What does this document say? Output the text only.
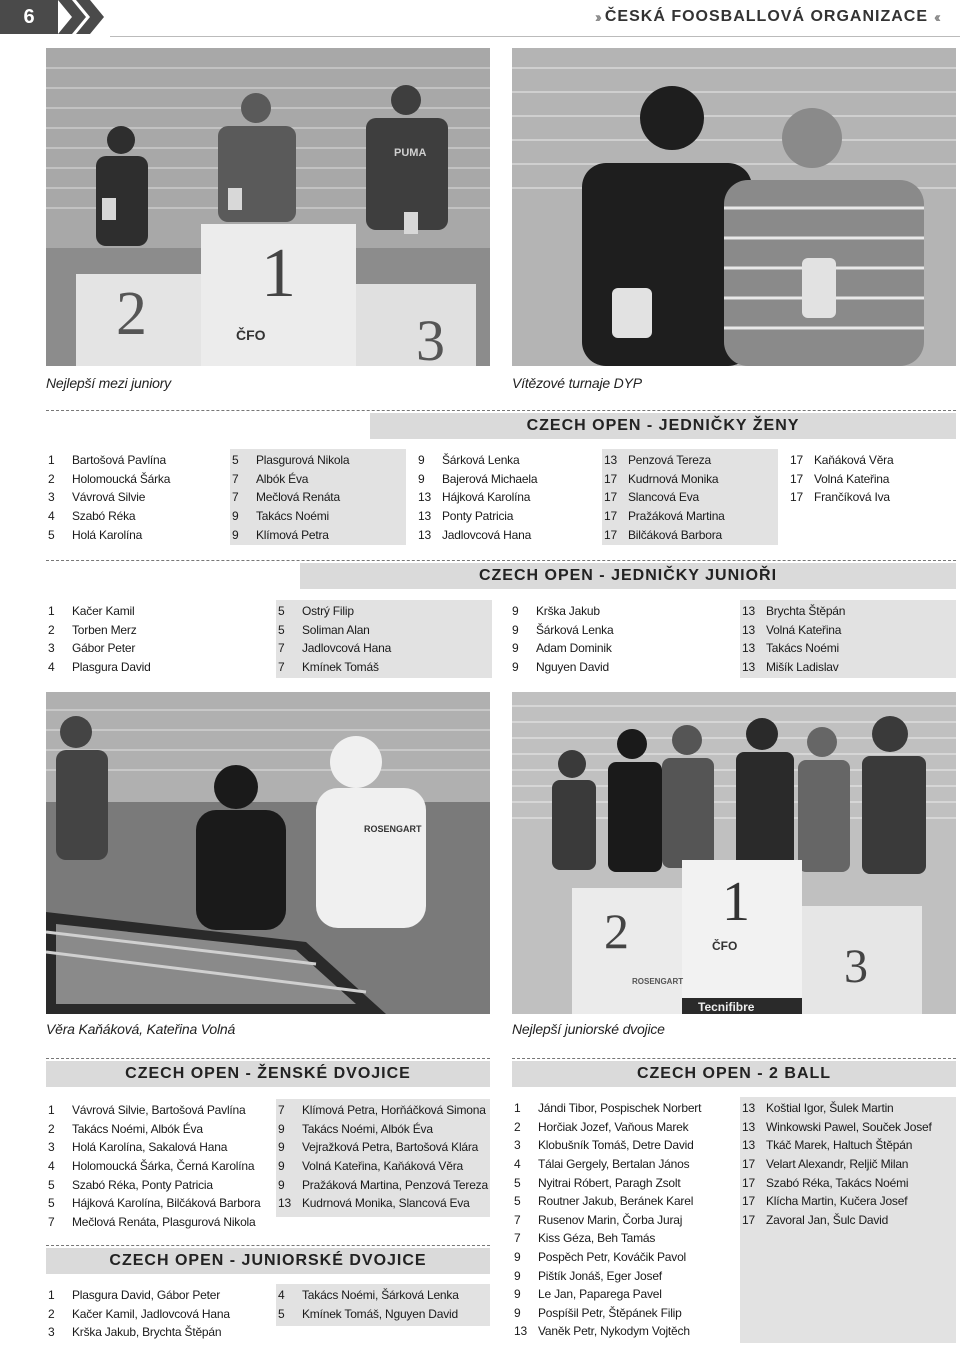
6	›› ČESKÁ FOOSBALLOVÁ ORGANIZACE ‹‹
1
2	3
ČFO
PUMA
Nejlepší mezi juniory	Vítězové turnaje DYP
CZECH OPEN - JEDNIČKY ŽENY
1	Bartošová Pavlína
2	Holomoucká Šárka
3	Vávrová Silvie
4	Szabó Réka
5	Holá Karolína
5	Plasgurová Nikola
7	Albók Éva
7	Mečlová Renáta
9	Takács Noémi
9	Klímová Petra
9	Šárková Lenka
9	Bajerová Michaela
13 Hájková Karolína
13 Ponty Patricia
13 Jadlovcová Hana
13 Penzová Tereza
17 Kudrnová Monika
17 Slancová Eva
17 Pražáková Martina
17 Bilčáková Barbora
17 Kaňáková Věra
17 Volná Kateřina
17 Frančíková Iva
CZECH OPEN - JEDNIČKY JUNIOŘI
1	Kačer Kamil
2	Torben Merz
3	Gábor Peter
4	Plasgura David
5	Ostrý Filip
5	Soliman Alan
7	Jadlovcová Hana
7	Kmínek Tomáš
9	Krška Jakub
9	Šárková Lenka
9	Adam Dominik
9	Nguyen David
13 Brychta Štěpán
13 Volná Kateřina
13 Takács Noémi
13 Mišík Ladislav
ROSENGART
1
2
3
ČFO
ROSENGART
Tecnifibre
Věra Kaňáková, Kateřina Volná	Nejlepší juniorské dvojice
CZECH OPEN - ŽENSKÉ DVOJICE
1	Vávrová Silvie, Bartošová Pavlína
2	Takács Noémi, Albók Éva
3	Holá Karolína, Sakalová Hana
4	Holomoucká Šárka, Černá Karolína
5	Szabó Réka, Ponty Patricia
5	Hájková Karolína, Bilčáková Barbora
7	Mečlová Renáta, Plasgurová Nikola
7	Klímová Petra, Horňáčková Simona
9	Takács Noémi, Albók Éva
9	Vejražková Petra, Bartošová Klára
9	Volná Kateřina, Kaňáková Věra
9	Pražáková Martina, Penzová Tereza
13 Kudrnová Monika, Slancová Eva
CZECH OPEN - JUNIORSKÉ DVOJICE
1	Plasgura David, Gábor Peter
2	Kačer Kamil, Jadlovcová Hana
3	Krška Jakub, Brychta Štěpán
4	Takács Noémi, Šárková Lenka
5	Kmínek Tomáš, Nguyen David
CZECH OPEN - 2 BALL
1	Jándi Tibor, Pospischek Norbert
2	Horčiak Jozef, Vaňous Marek
3	Klobušník Tomáš, Detre David
4	Tálai Gergely, Bertalan János
5	Nyitrai Róbert, Paragh Zsolt
5	Routner Jakub, Beránek Karel
7	Rusenov Marin, Čorba Juraj
7	Kiss Géza, Beh Tamás
9	Pospěch Petr, Kováčik Pavol
9	Pištík Jonáš, Eger Josef
9	Le Jan, Paparega Pavel
9	Pospíšil Petr, Štěpánek Filip
13 Vaněk Petr, Nykodym Vojtěch
13 Koštial Igor, Šulek Martin
13 Winkowski Pawel, Souček Josef
13 Tkáč Marek, Haltuch Štěpán
17 Velart Alexandr, Reljič Milan
17 Szabó Réka, Takács Noémi
17 Klícha Martin, Kučera Josef
17 Zavoral Jan, Šulc David
